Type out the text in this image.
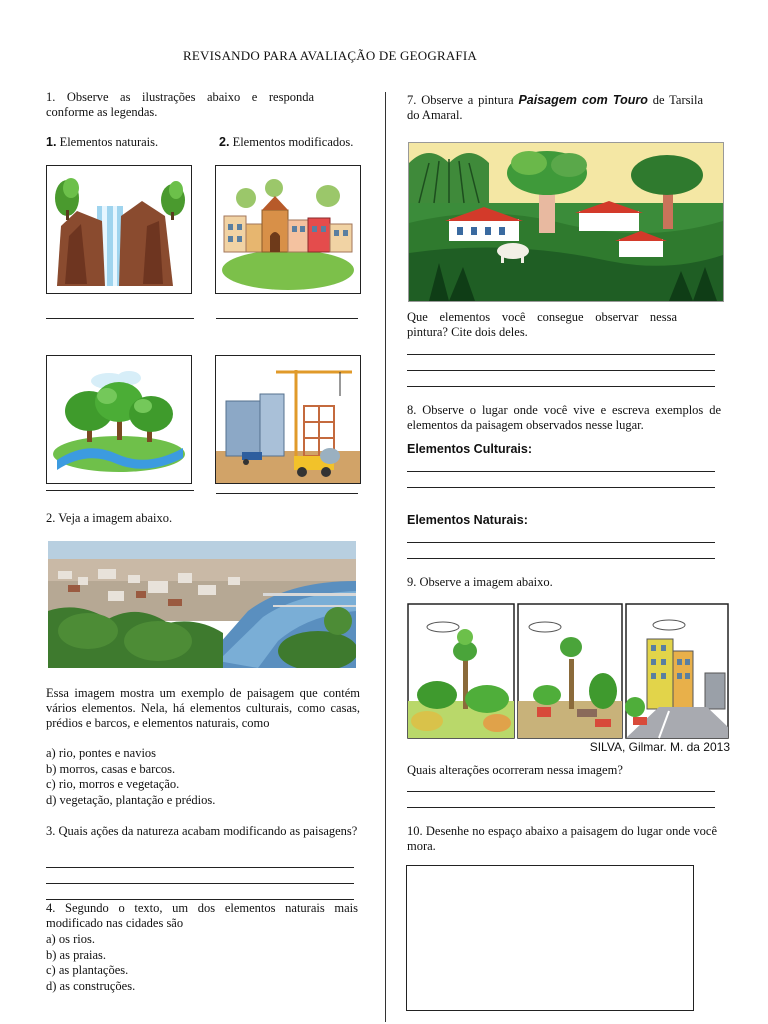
REVISANDO PARA AVALIAÇÃO DE GEOGRAFIA
1. Observe as ilustrações abaixo e responda conforme as legendas.
1. Elementos naturais.	2. Elementos modificados.
2. Veja a imagem abaixo.
Essa imagem mostra um exemplo de paisagem que contém vários elementos. Nela, há elementos culturais, como casas, prédios e barcos, e elementos naturais, como
a) rio, pontes e navios
b) morros, casas e barcos.
c) rio, morros e vegetação.
d) vegetação, plantação e prédios.
3. Quais ações da natureza acabam modificando as paisagens?
4. Segundo o texto, um dos elementos naturais mais modificado nas cidades são
a) os rios.
b) as praias.
c) as plantações.
d) as construções.
7. Observe a pintura Paisagem com Touro de Tarsila do Amaral.
Que elementos você consegue observar nessa pintura? Cite dois deles.
8. Observe o lugar onde você vive e escreva exemplos de elementos da paisagem observados nesse lugar.
Elementos Culturais:
Elementos Naturais:
9. Observe a imagem abaixo.
SILVA, Gilmar. M. da 2013
Quais alterações ocorreram nessa imagem?
10. Desenhe no espaço abaixo a paisagem do lugar onde você mora.
